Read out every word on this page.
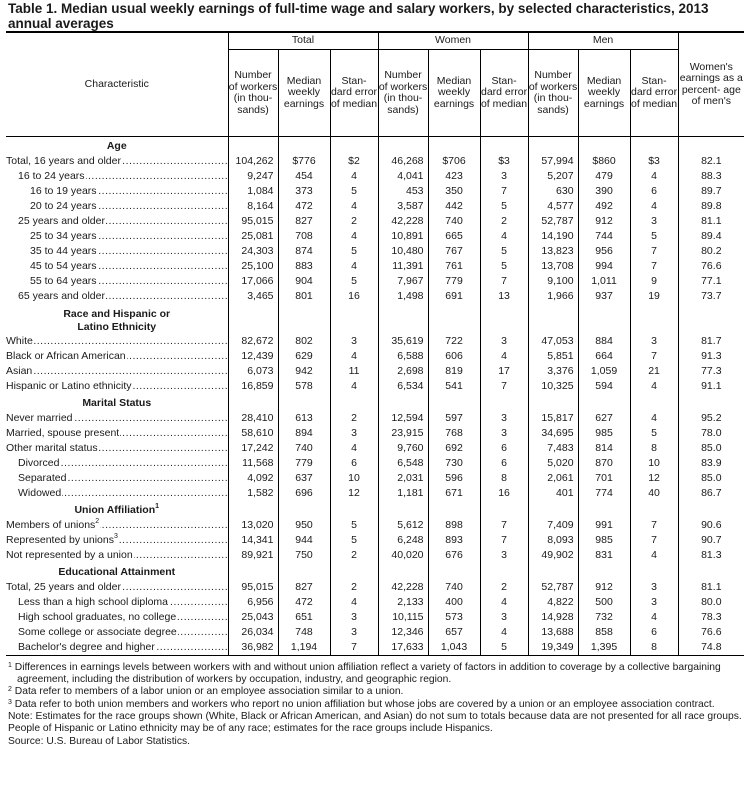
Table 1. Median usual weekly earnings of full-time wage and salary workers, by selected characteristics, 2013 annual averages
Characteristic	Total			Women			Men			Women's earnings as a percent- age of men's
	Number of workers (in thou- sands)	Median weekly earnings	Stan- dard error of median	Number of workers (in thou- sands)	Median weekly earnings	Stan- dard error of median	Number of workers (in thou- sands)	Median weekly earnings	Stan- dard error of median	
Age										
Total, 16 years and older .....	104,262	$776	$2	46,268	$706	$3	57,994	$860	$3	82.1
16 to 24 years .....	9,247	454	4	4,041	423	3	5,207	479	4	88.3
16 to 19 years .....	1,084	373	5	453	350	7	630	390	6	89.7
20 to 24 years .....	8,164	472	4	3,587	442	5	4,577	492	4	89.8
25 years and older .....	95,015	827	2	42,228	740	2	52,787	912	3	81.1
25 to 34 years .....	25,081	708	4	10,891	665	4	14,190	744	5	89.4
35 to 44 years .....	24,303	874	5	10,480	767	5	13,823	956	7	80.2
45 to 54 years .....	25,100	883	4	11,391	761	5	13,708	994	7	76.6
55 to 64 years .....	17,066	904	5	7,967	779	7	9,100	1,011	9	77.1
65 years and older .....	3,465	801	16	1,498	691	13	1,966	937	19	73.7
Race and Hispanic or
Latino Ethnicity										
White .....	82,672	802	3	35,619	722	3	47,053	884	3	81.7
Black or African American .....	12,439	629	4	6,588	606	4	5,851	664	7	91.3
Asian .....	6,073	942	11	2,698	819	17	3,376	1,059	21	77.3
Hispanic or Latino ethnicity .....	16,859	578	4	6,534	541	7	10,325	594	4	91.1
Marital Status										
Never married .....	28,410	613	2	12,594	597	3	15,817	627	4	95.2
Married, spouse present .....	58,610	894	3	23,915	768	3	34,695	985	5	78.0
Other marital status .....	17,242	740	4	9,760	692	6	7,483	814	8	85.0
Divorced .....	11,568	779	6	6,548	730	6	5,020	870	10	83.9
Separated .....	4,092	637	10	2,031	596	8	2,061	701	12	85.0
Widowed .....	1,582	696	12	1,181	671	16	401	774	40	86.7
Union Affiliation$^1$										
Members of unions$^2$ .....	13,020	950	5	5,612	898	7	7,409	991	7	90.6
Represented by unions$^3$ .....	14,341	944	5	6,248	893	7	8,093	985	7	90.7
Not represented by a union .....	89,921	750	2	40,020	676	3	49,902	831	4	81.3
Educational Attainment										
Total, 25 years and older .....	95,015	827	2	42,228	740	2	52,787	912	3	81.1
Less than a high school diploma .....	6,956	472	4	2,133	400	4	4,822	500	3	80.0
High school graduates, no college .....	25,043	651	3	10,115	573	3	14,928	732	4	78.3
Some college or associate degree .....	26,034	748	3	12,346	657	4	13,688	858	6	76.6
Bachelor's degree and higher .....	36,982	1,194	7	17,633	1,043	5	19,349	1,395	8	74.8

$^1$ Differences in earnings levels between workers with and without union affiliation reflect a variety of factors in addition to coverage by a collective bargaining agreement, including the distribution of workers by occupation, industry, and geographic region.

$^2$ Data refer to members of a labor union or an employee association similar to a union.

$^3$ Data refer to both union members and workers who report no union affiliation but whose jobs are covered by a union or an employee association contract.

Note: Estimates for the race groups shown (White, Black or African American, and Asian) do not sum to totals because data are not presented for all race groups. People of Hispanic or Latino ethnicity may be of any race; estimates for the race groups include Hispanics.

Source: U.S. Bureau of Labor Statistics.
